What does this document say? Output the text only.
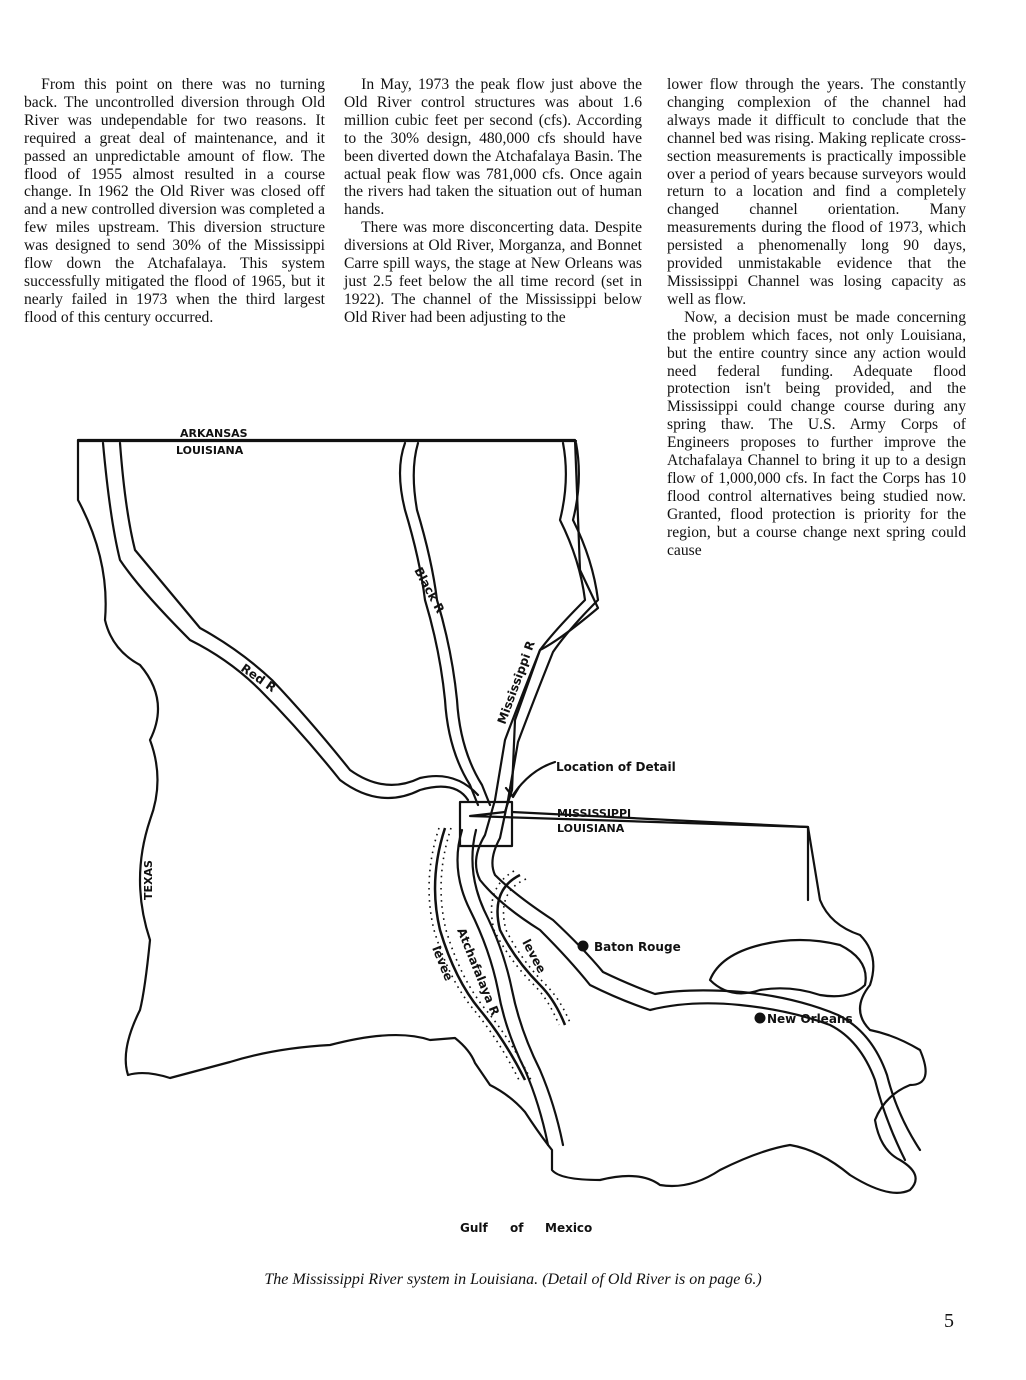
From this point on there was no turning back. The uncontrolled diversion through Old River was undependable for two reasons. It required a great deal of maintenance, and it passed an unpredictable amount of flow. The flood of 1955 almost resulted in a course change. In 1962 the Old River was closed off and a new controlled diversion was completed a few miles upstream. This diversion structure was designed to send 30% of the Mississippi flow down the Atchafalaya. This system successfully mitigated the flood of 1965, but it nearly failed in 1973 when the third largest flood of this century occurred.

In May, 1973 the peak flow just above the Old River control structures was about 1.6 million cubic feet per second (cfs). According to the 30% design, 480,000 cfs should have been diverted down the Atchafalaya Basin. The actual peak flow was 781,000 cfs. Once again the rivers had taken the situation out of human hands.

There was more disconcerting data. Despite diversions at Old River, Morganza, and Bonnet Carre spill ways, the stage at New Orleans was just 2.5 feet below the all time record (set in 1922). The channel of the Mississippi below Old River had been adjusting to the

lower flow through the years. The constantly changing complexion of the channel had always made it difficult to conclude that the channel bed was rising. Making replicate cross-section measurements is practically impossible over a period of years because surveyors would return to a location and find a completely changed channel orientation. Many measurements during the flood of 1973, which persisted a phenomenally long 90 days, provided unmistakable evidence that the Mississippi Channel was losing capacity as well as flow.

Now, a decision must be made concerning the problem which faces, not only Louisiana, but the entire country since any action would need federal funding. Adequate flood protection isn't being provided, and the Mississippi could change course during any spring thaw. The U.S. Army Corps of Engineers proposes to further improve the Atchafalaya Channel to bring it up to a design flow of 1,000,000 cfs. In fact the Corps has 10 flood control alternatives being studied now. Granted, flood protection is priority for the region, but a course change next spring could cause

ARKANSAS
LOUISIANA
MISSISSIPPI
LOUISIANA
TEXAS
Red R
Black R
Mississippi R
Atchafalaya R
levee	levee
Location of Detail
Baton Rouge
New Orleans
Gulf of Mexico
The Mississippi River system in Louisiana. (Detail of Old River is on page 6.)
5
